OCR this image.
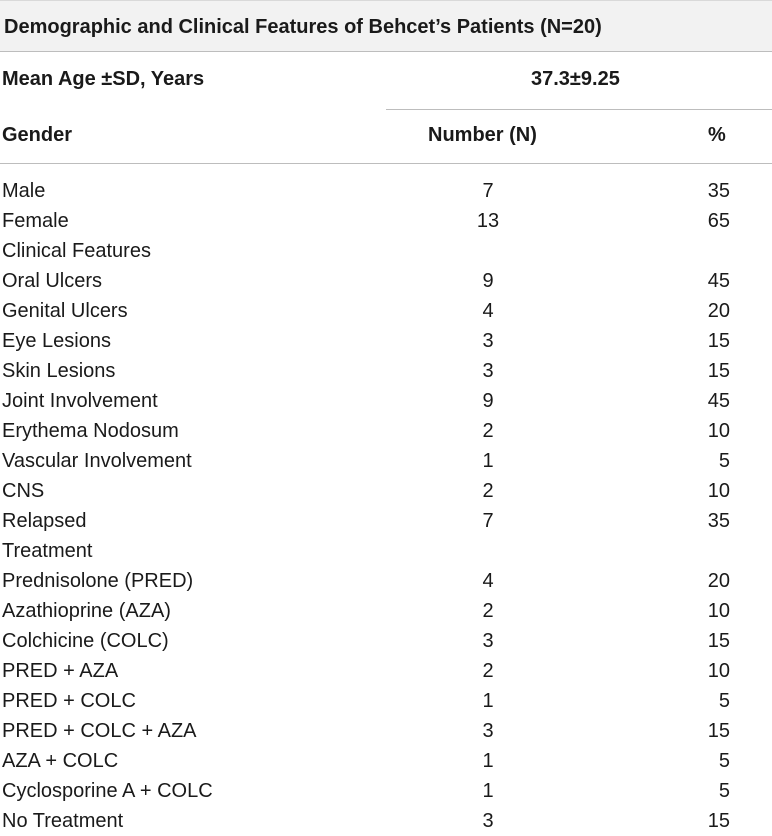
Demographic and Clinical Features of Behcet’s Patients (N=20)
Mean Age ±SD, Years	37.3±9.25
Gender	Number (N)	%
Male	7	35
Female	13	65
Clinical Features
Oral Ulcers	9	45
Genital Ulcers	4	20
Eye Lesions	3	15
Skin Lesions	3	15
Joint Involvement	9	45
Erythema Nodosum	2	10
Vascular Involvement	1	5
CNS	2	10
Relapsed	7	35
Treatment
Prednisolone (PRED)	4	20
Azathioprine (AZA)	2	10
Colchicine (COLC)	3	15
PRED + AZA	2	10
PRED + COLC	1	5
PRED + COLC + AZA	3	15
AZA + COLC	1	5
Cyclosporine A + COLC	1	5
No Treatment	3	15
